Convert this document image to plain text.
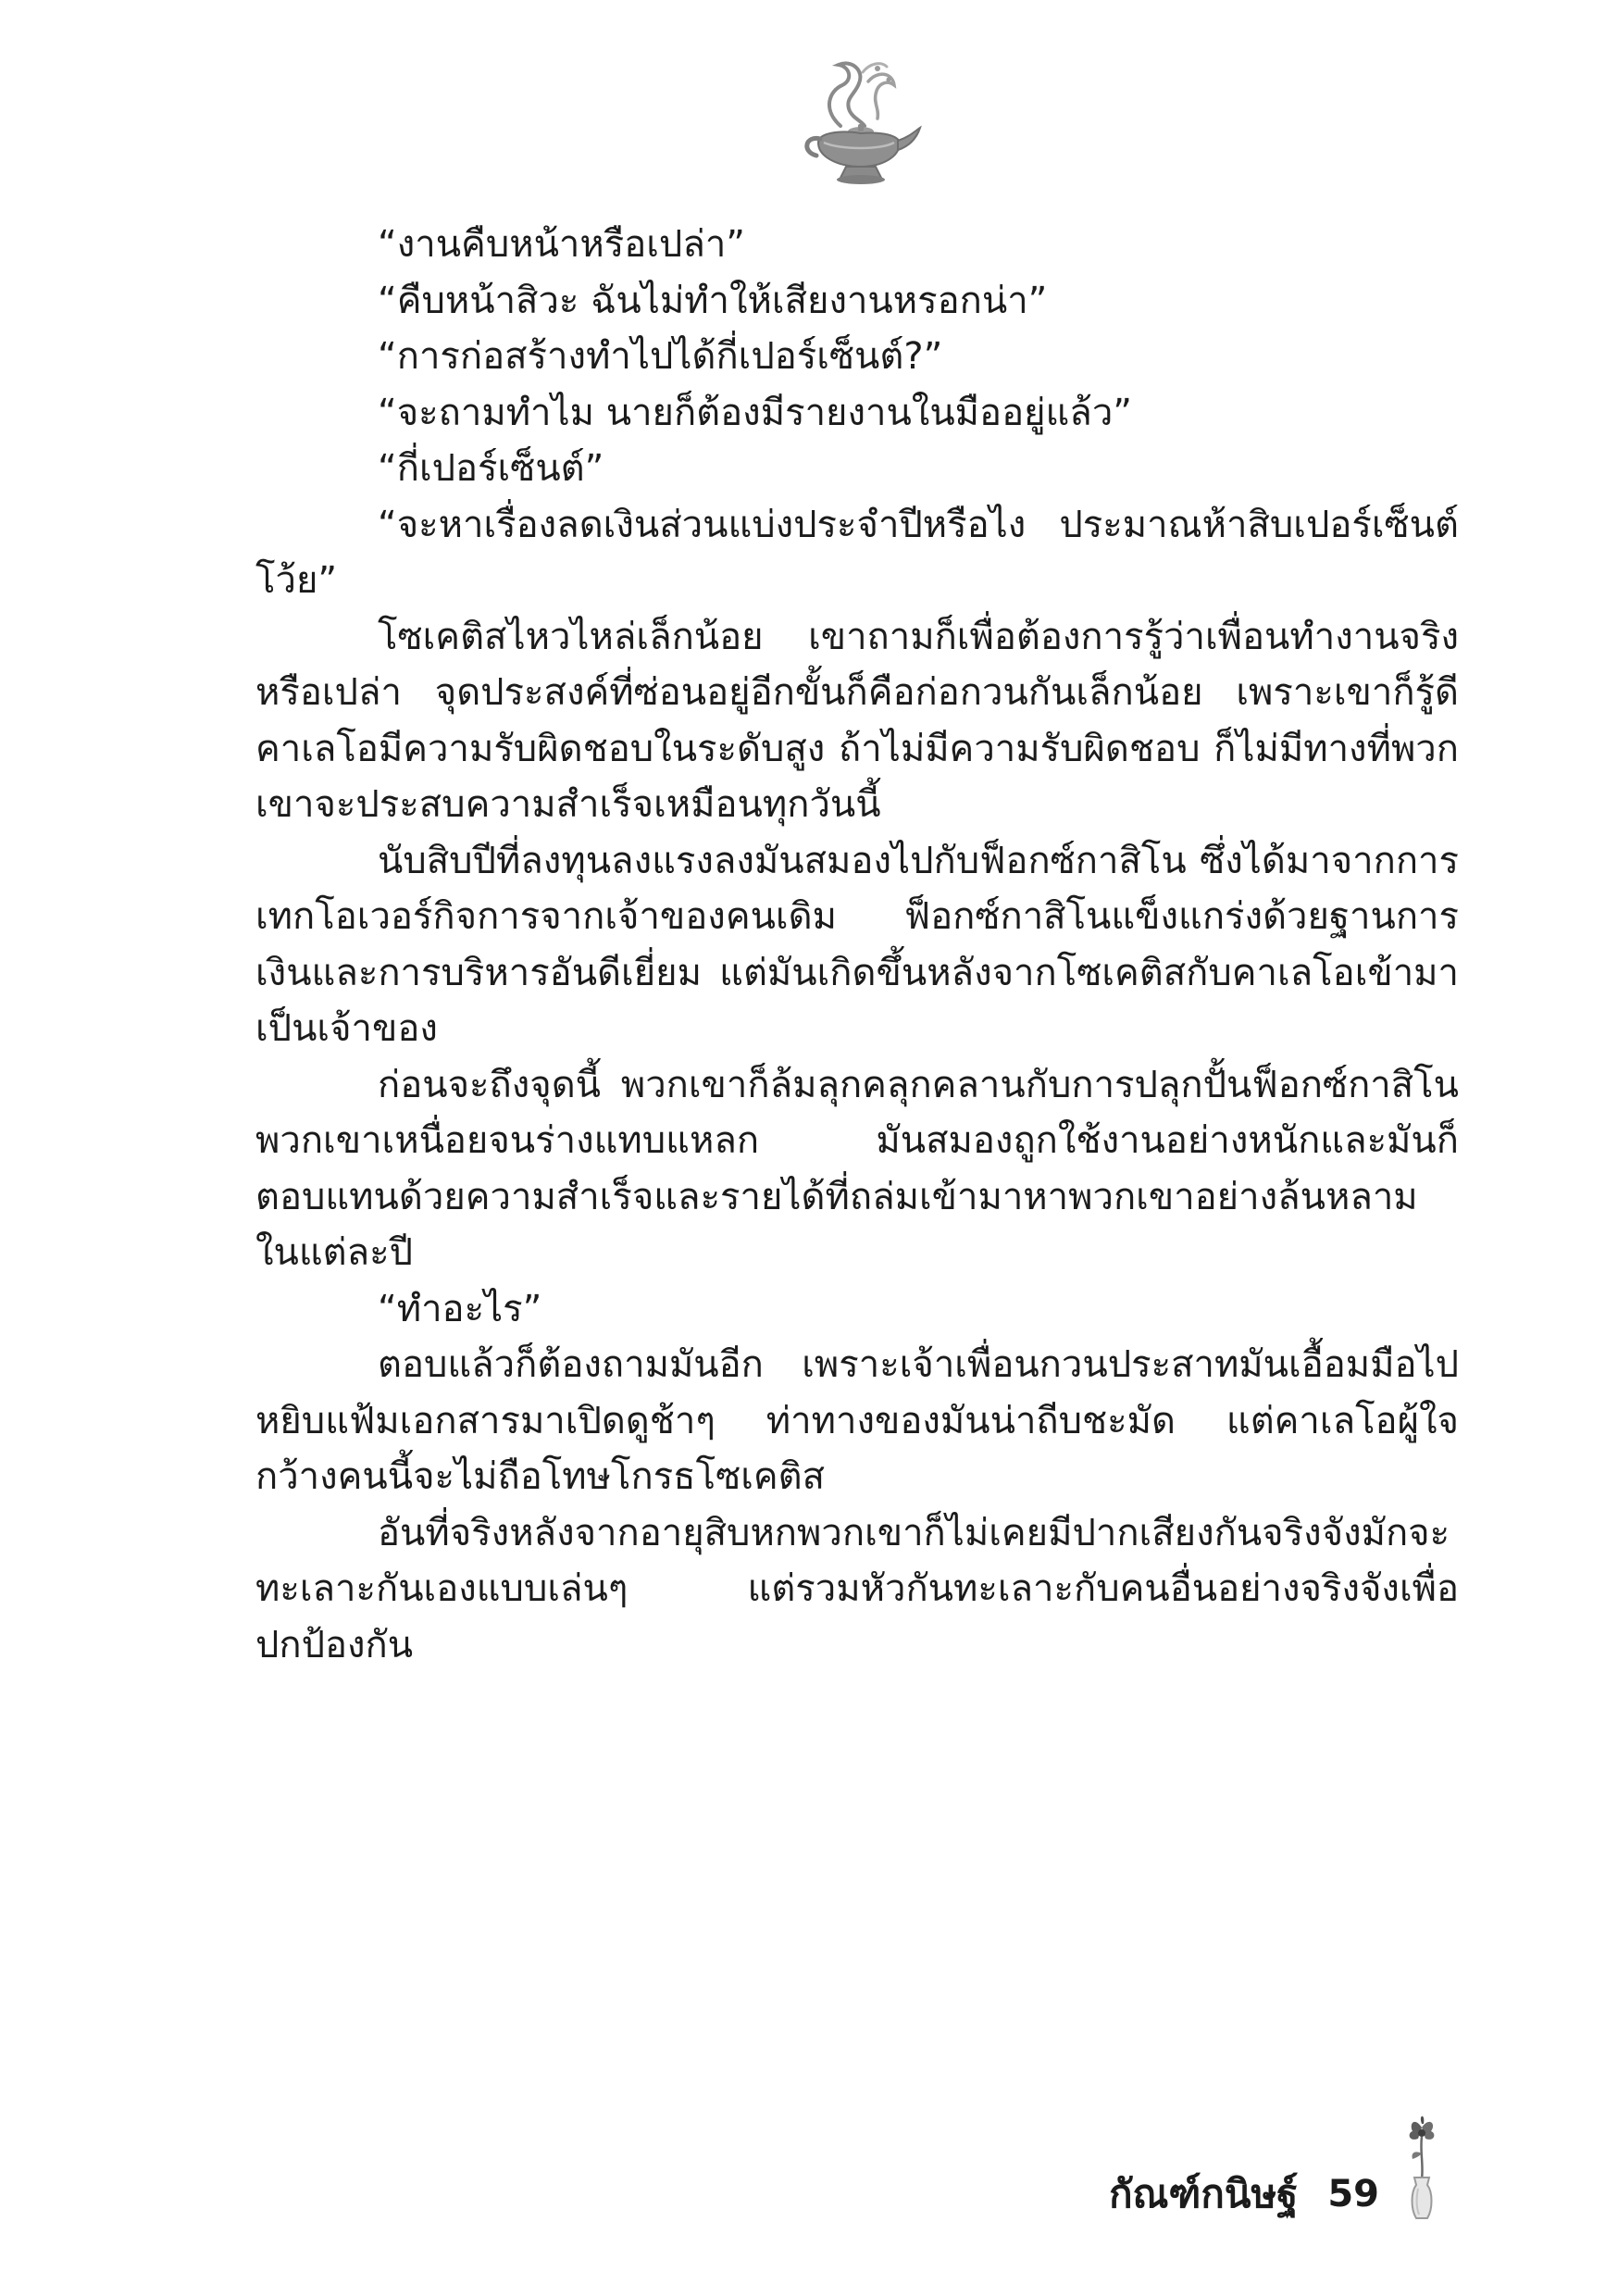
“งานคืบหน้าหรือเปล่า”

“คืบหน้าสิวะ ฉันไม่ทำให้เสียงานหรอกน่า”

“การก่อสร้างทำไปได้กี่เปอร์เซ็นต์?”

“จะถามทำไม นายก็ต้องมีรายงานในมืออยู่แล้ว”

“กี่เปอร์เซ็นต์”

“จะหาเรื่องลดเงินส่วนแบ่งประจำปีหรือไง ประมาณห้าสิบเปอร์เซ็นต์โว้ย”

โซเคติสไหวไหล่เล็กน้อย เขาถามก็เพื่อต้องการรู้ว่าเพื่อนทำงานจริงหรือเปล่า จุดประสงค์ที่ซ่อนอยู่อีกขั้นก็คือก่อกวนกันเล็กน้อย เพราะเขาก็รู้ดี คาเลโอมีความรับผิดชอบในระดับสูง ถ้าไม่มีความรับผิดชอบ ก็ไม่มีทางที่พวกเขาจะประสบความสำเร็จเหมือนทุกวันนี้

นับสิบปีที่ลงทุนลงแรงลงมันสมองไปกับฟ็อกซ์กาสิโน ซึ่งได้มาจากการเทกโอเวอร์กิจการจากเจ้าของคนเดิม ฟ็อกซ์กาสิโนแข็งแกร่งด้วยฐานการเงินและการบริหารอันดีเยี่ยม แต่มันเกิดขึ้นหลังจากโซเคติสกับคาเลโอเข้ามาเป็นเจ้าของ

ก่อนจะถึงจุดนี้ พวกเขาก็ล้มลุกคลุกคลานกับการปลุกปั้นฟ็อกซ์กาสิโน พวกเขาเหนื่อยจนร่างแทบแหลก มันสมองถูกใช้งานอย่างหนักและมันก็ตอบแทนด้วยความสำเร็จและรายได้ที่ถล่มเข้ามาหาพวกเขาอย่างล้นหลามในแต่ละปี

“ทำอะไร”

ตอบแล้วก็ต้องถามมันอีก เพราะเจ้าเพื่อนกวนประสาทมันเอื้อมมือไปหยิบแฟ้มเอกสารมาเปิดดูช้าๆ ท่าทางของมันน่าถีบชะมัด แต่คาเลโอผู้ใจกว้างคนนี้จะไม่ถือโทษโกรธโซเคติส

อันที่จริงหลังจากอายุสิบหกพวกเขาก็ไม่เคยมีปากเสียงกันจริงจังมักจะทะเลาะกันเองแบบเล่นๆ แต่รวมหัวกันทะเลาะกับคนอื่นอย่างจริงจังเพื่อปกป้องกัน

กัณฑ์กนิษฐ์ 59
